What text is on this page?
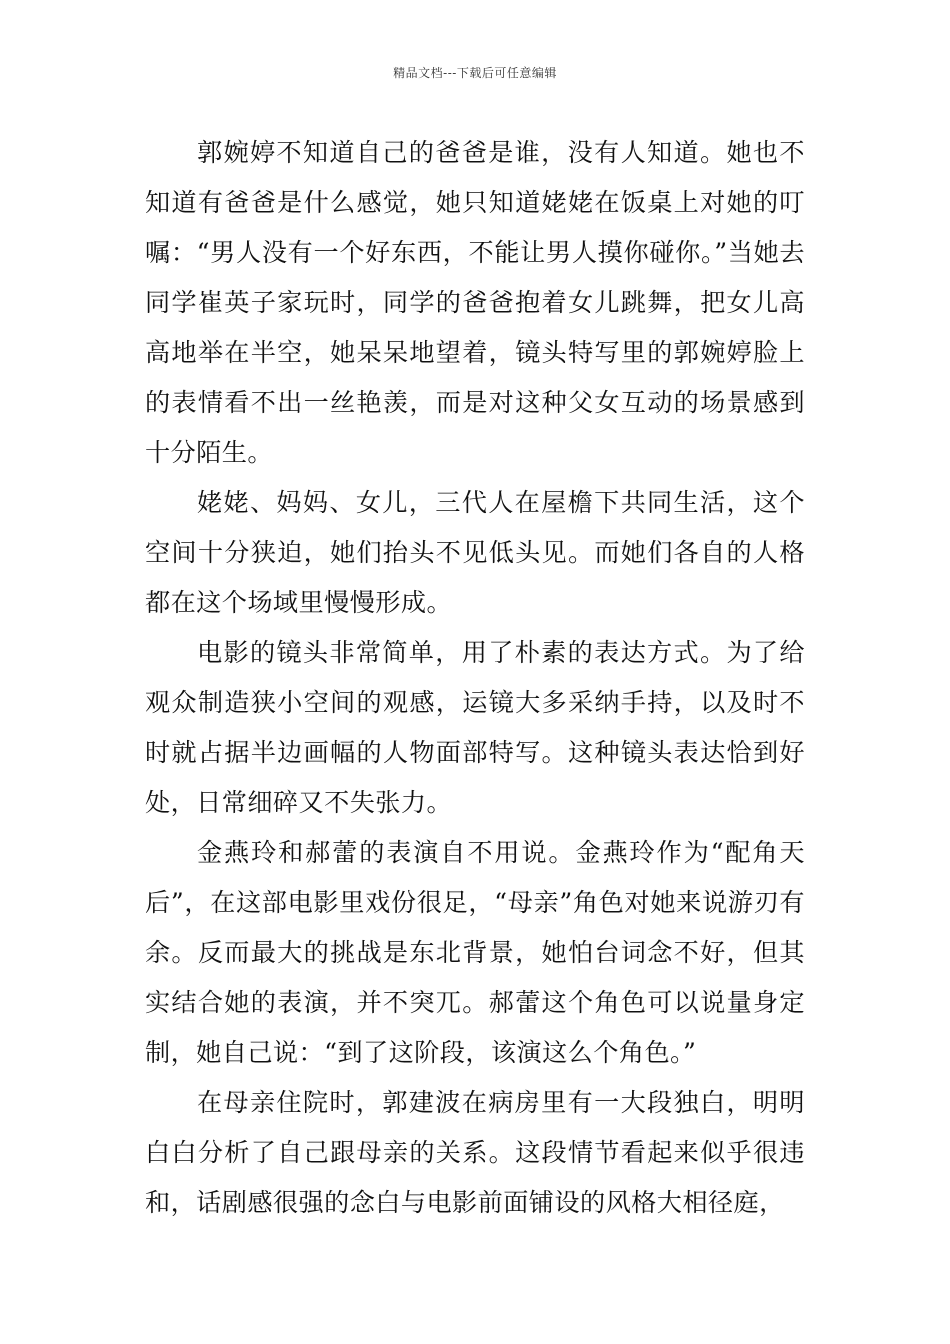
精品文档---下载后可任意编辑

郭婉婷不知道自己的爸爸是谁，没有人知道。她也不知道有爸爸是什么感觉，她只知道姥姥在饭桌上对她的叮嘱：“男人没有一个好东西，不能让男人摸你碰你。”当她去同学崔英子家玩时，同学的爸爸抱着女儿跳舞，把女儿高高地举在半空，她呆呆地望着，镜头特写里的郭婉婷脸上的表情看不出一丝艳羡，而是对这种父女互动的场景感到十分陌生。

姥姥、妈妈、女儿，三代人在屋檐下共同生活，这个空间十分狭迫，她们抬头不见低头见。而她们各自的人格都在这个场域里慢慢形成。

电影的镜头非常简单，用了朴素的表达方式。为了给观众制造狭小空间的观感，运镜大多采纳手持，以及时不时就占据半边画幅的人物面部特写。这种镜头表达恰到好处，日常细碎又不失张力。

金燕玲和郝蕾的表演自不用说。金燕玲作为“配角天后”，在这部电影里戏份很足，“母亲”角色对她来说游刃有余。反而最大的挑战是东北背景，她怕台词念不好，但其实结合她的表演，并不突兀。郝蕾这个角色可以说量身定制，她自己说：“到了这阶段，该演这么个角色。”

在母亲住院时，郭建波在病房里有一大段独白，明明白白分析了自己跟母亲的关系。这段情节看起来似乎很违和，话剧感很强的念白与电影前面铺设的风格大相径庭，
